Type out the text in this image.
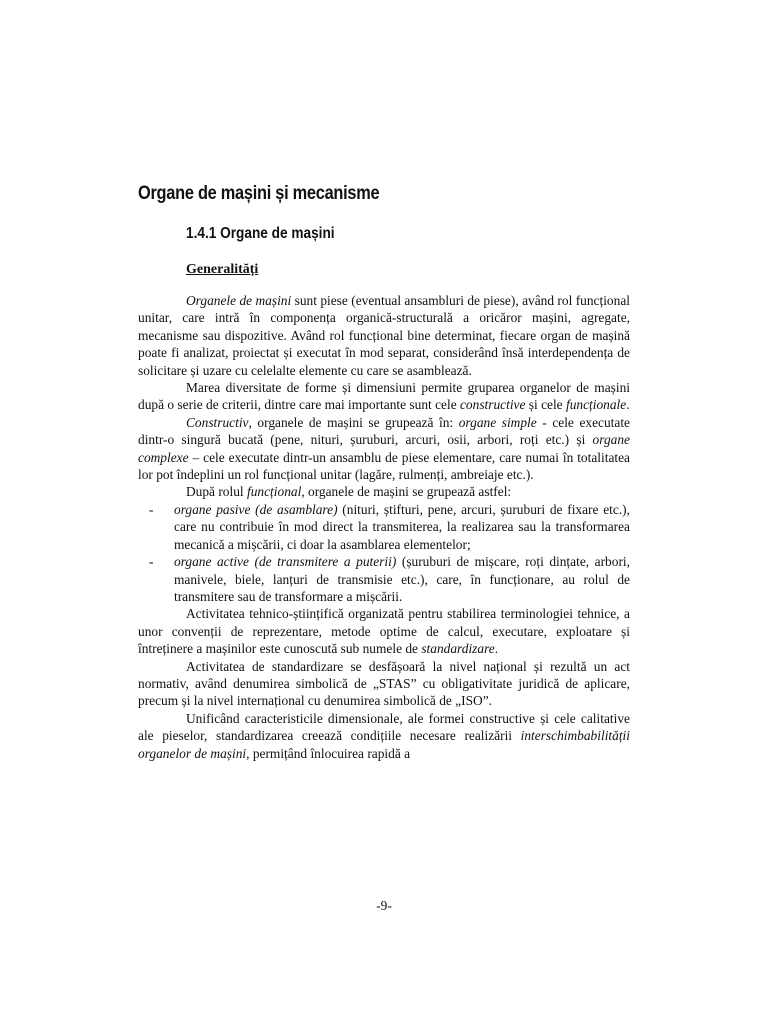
Organe de mașini și mecanisme
1.4.1 Organe de mașini
Generalități

Organele de mașini sunt piese (eventual ansambluri de piese), având rol funcțional unitar, care intră în componența organică-structurală a oricăror mașini, agregate, mecanisme sau dispozitive. Având rol funcțional bine determinat, fiecare organ de mașină poate fi analizat, proiectat și executat în mod separat, considerând însă interdependența de solicitare și uzare cu celelalte elemente cu care se asamblează.

Marea diversitate de forme și dimensiuni permite gruparea organelor de mașini după o serie de criterii, dintre care mai importante sunt cele constructive și cele funcționale.

Constructiv, organele de mașini se grupează în: organe simple - cele executate dintr-o singură bucată (pene, nituri, șuruburi, arcuri, osii, arbori, roți etc.) și organe complexe – cele executate dintr-un ansamblu de piese elementare, care numai în totalitatea lor pot îndeplini un rol funcțional unitar (lagăre, rulmenți, ambreiaje etc.).

După rolul funcțional, organele de mașini se grupează astfel:

-	organe pasive (de asamblare) (nituri, știfturi, pene, arcuri, șuruburi de fixare etc.), care nu contribuie în mod direct la transmiterea, la realizarea sau la transformarea mecanică a mișcării, ci doar la asamblarea elementelor;
-	organe active (de transmitere a puterii) (șuruburi de mișcare, roți dințate, arbori, manivele, biele, lanțuri de transmisie etc.), care, în funcționare, au rolul de transmitere sau de transformare a mișcării.

Activitatea tehnico-științifică organizată pentru stabilirea terminologiei tehnice, a unor convenții de reprezentare, metode optime de calcul, executare, exploatare și întreținere a mașinilor este cunoscută sub numele de standardizare.

Activitatea de standardizare se desfășoară la nivel național și rezultă un act normativ, având denumirea simbolică de „STAS” cu obligativitate juridică de aplicare, precum și la nivel internațional cu denumirea simbolică de „ISO”.

Unificând caracteristicile dimensionale, ale formei constructive și cele calitative ale pieselor, standardizarea creează condițiile necesare realizării interschimbabilității organelor de mașini, permițând înlocuirea rapidă a

-9-
